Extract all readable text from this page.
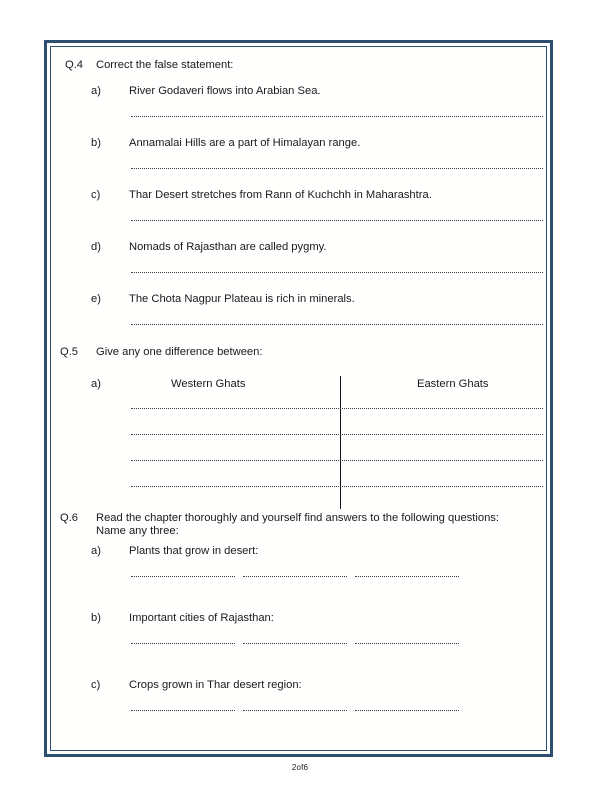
Q.4 Correct the false statement:
a)	River Godaveri flows into Arabian Sea.
b)	Annamalai Hills are a part of Himalayan range.
c)	Thar Desert stretches from Rann of Kuchchh in Maharashtra.
d)	Nomads of Rajasthan are called pygmy.
e)	The Chota Nagpur Plateau is rich in minerals.
Q.5 Give any one difference between:
a)	Western Ghats	Eastern Ghats
Q.6 Read the chapter thoroughly and yourself find answers to the following questions:
Name any three:
a)	Plants that grow in desert:
b)	Important cities of Rajasthan:
c)	Crops grown in Thar desert region:
2of6
